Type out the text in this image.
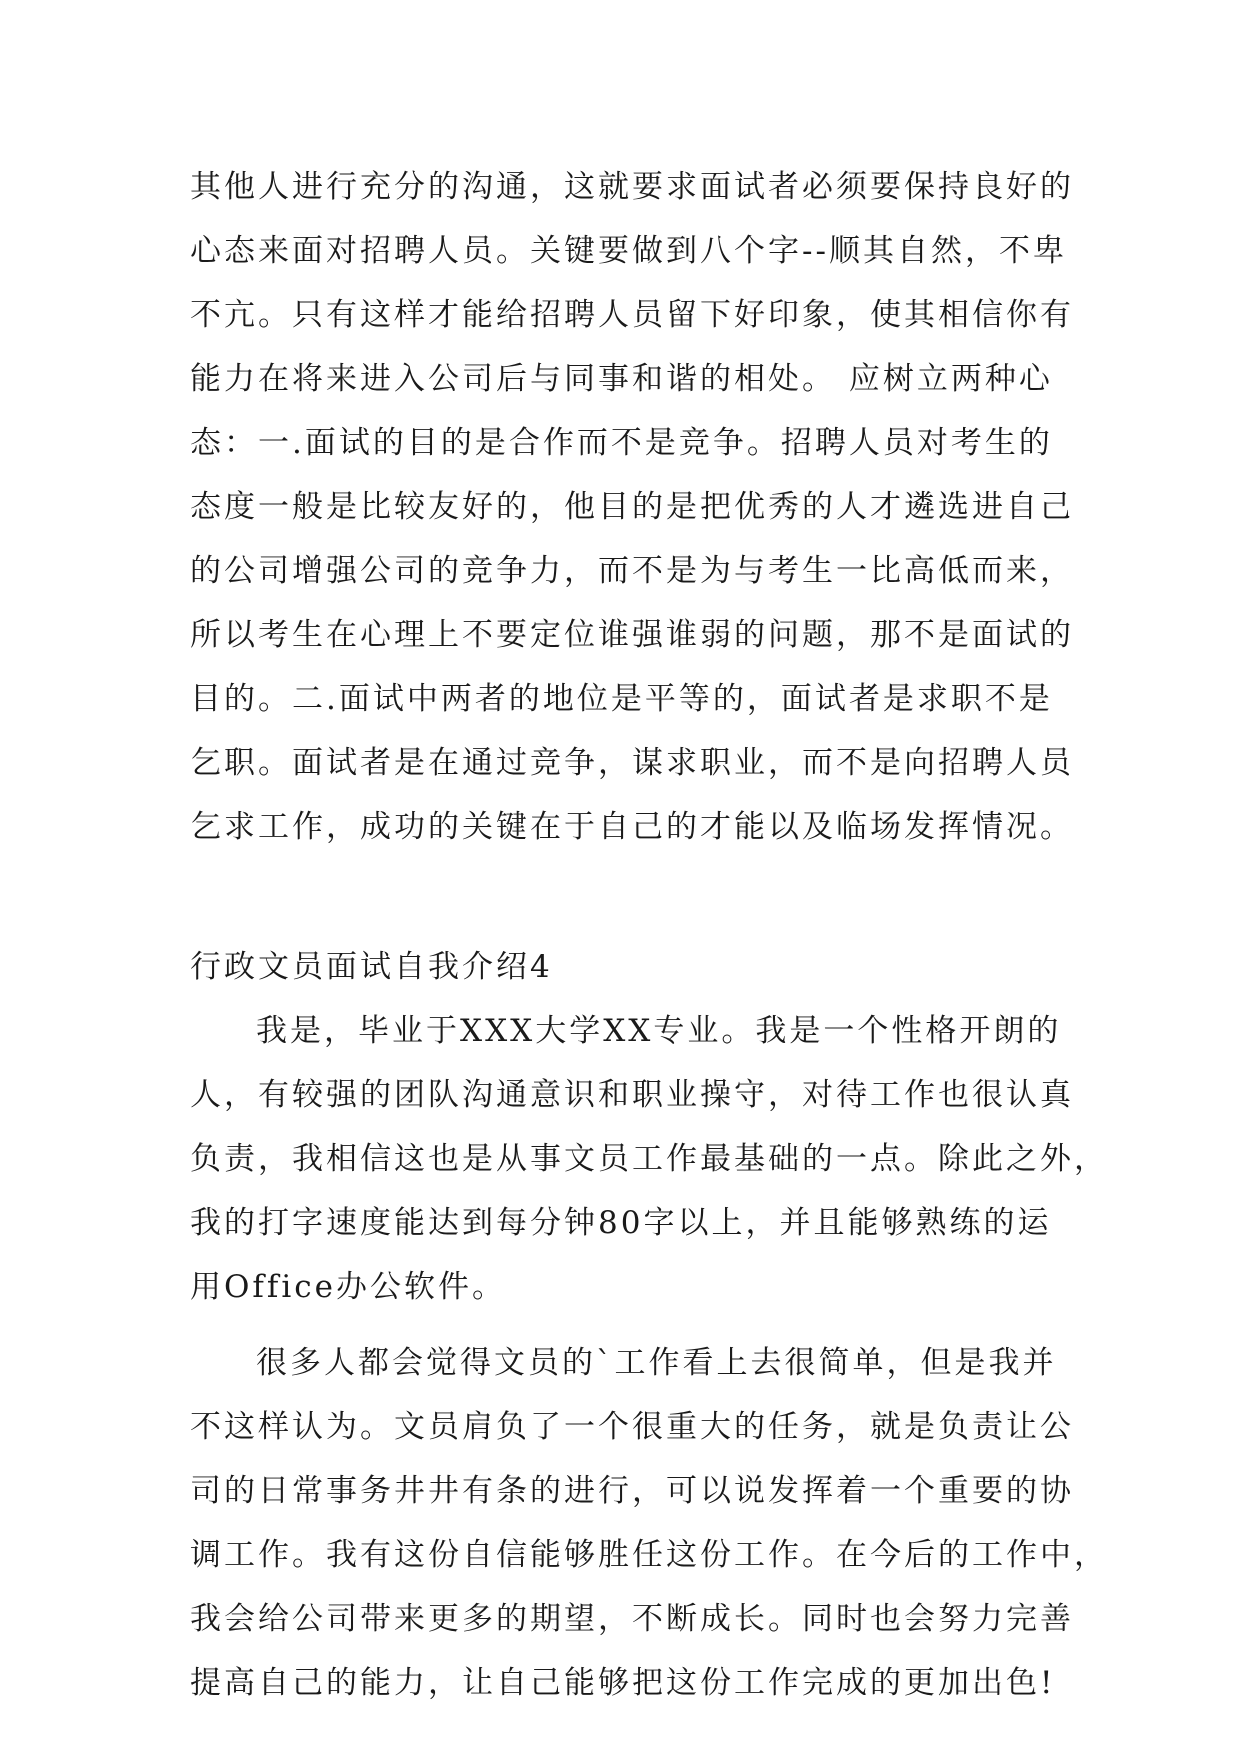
其他人进行充分的沟通，这就要求面试者必须要保持良好的
心态来面对招聘人员。关键要做到八个字--顺其自然，不卑
不亢。只有这样才能给招聘人员留下好印象，使其相信你有
能力在将来进入公司后与同事和谐的相处。 应树立两种心
态：一.面试的目的是合作而不是竞争。招聘人员对考生的
态度一般是比较友好的，他目的是把优秀的人才遴选进自己
的公司增强公司的竞争力，而不是为与考生一比高低而来，
所以考生在心理上不要定位谁强谁弱的问题，那不是面试的
目的。二.面试中两者的地位是平等的，面试者是求职不是
乞职。面试者是在通过竞争，谋求职业，而不是向招聘人员
乞求工作，成功的关键在于自己的才能以及临场发挥情况。
行政文员面试自我介绍4
我是，毕业于XXX大学XX专业。我是一个性格开朗的
人，有较强的团队沟通意识和职业操守，对待工作也很认真
负责，我相信这也是从事文员工作最基础的一点。除此之外，
我的打字速度能达到每分钟80字以上，并且能够熟练的运
用Office办公软件。
很多人都会觉得文员的`工作看上去很简单，但是我并
不这样认为。文员肩负了一个很重大的任务，就是负责让公
司的日常事务井井有条的进行，可以说发挥着一个重要的协
调工作。我有这份自信能够胜任这份工作。在今后的工作中，
我会给公司带来更多的期望，不断成长。同时也会努力完善
提高自己的能力，让自己能够把这份工作完成的更加出色!
